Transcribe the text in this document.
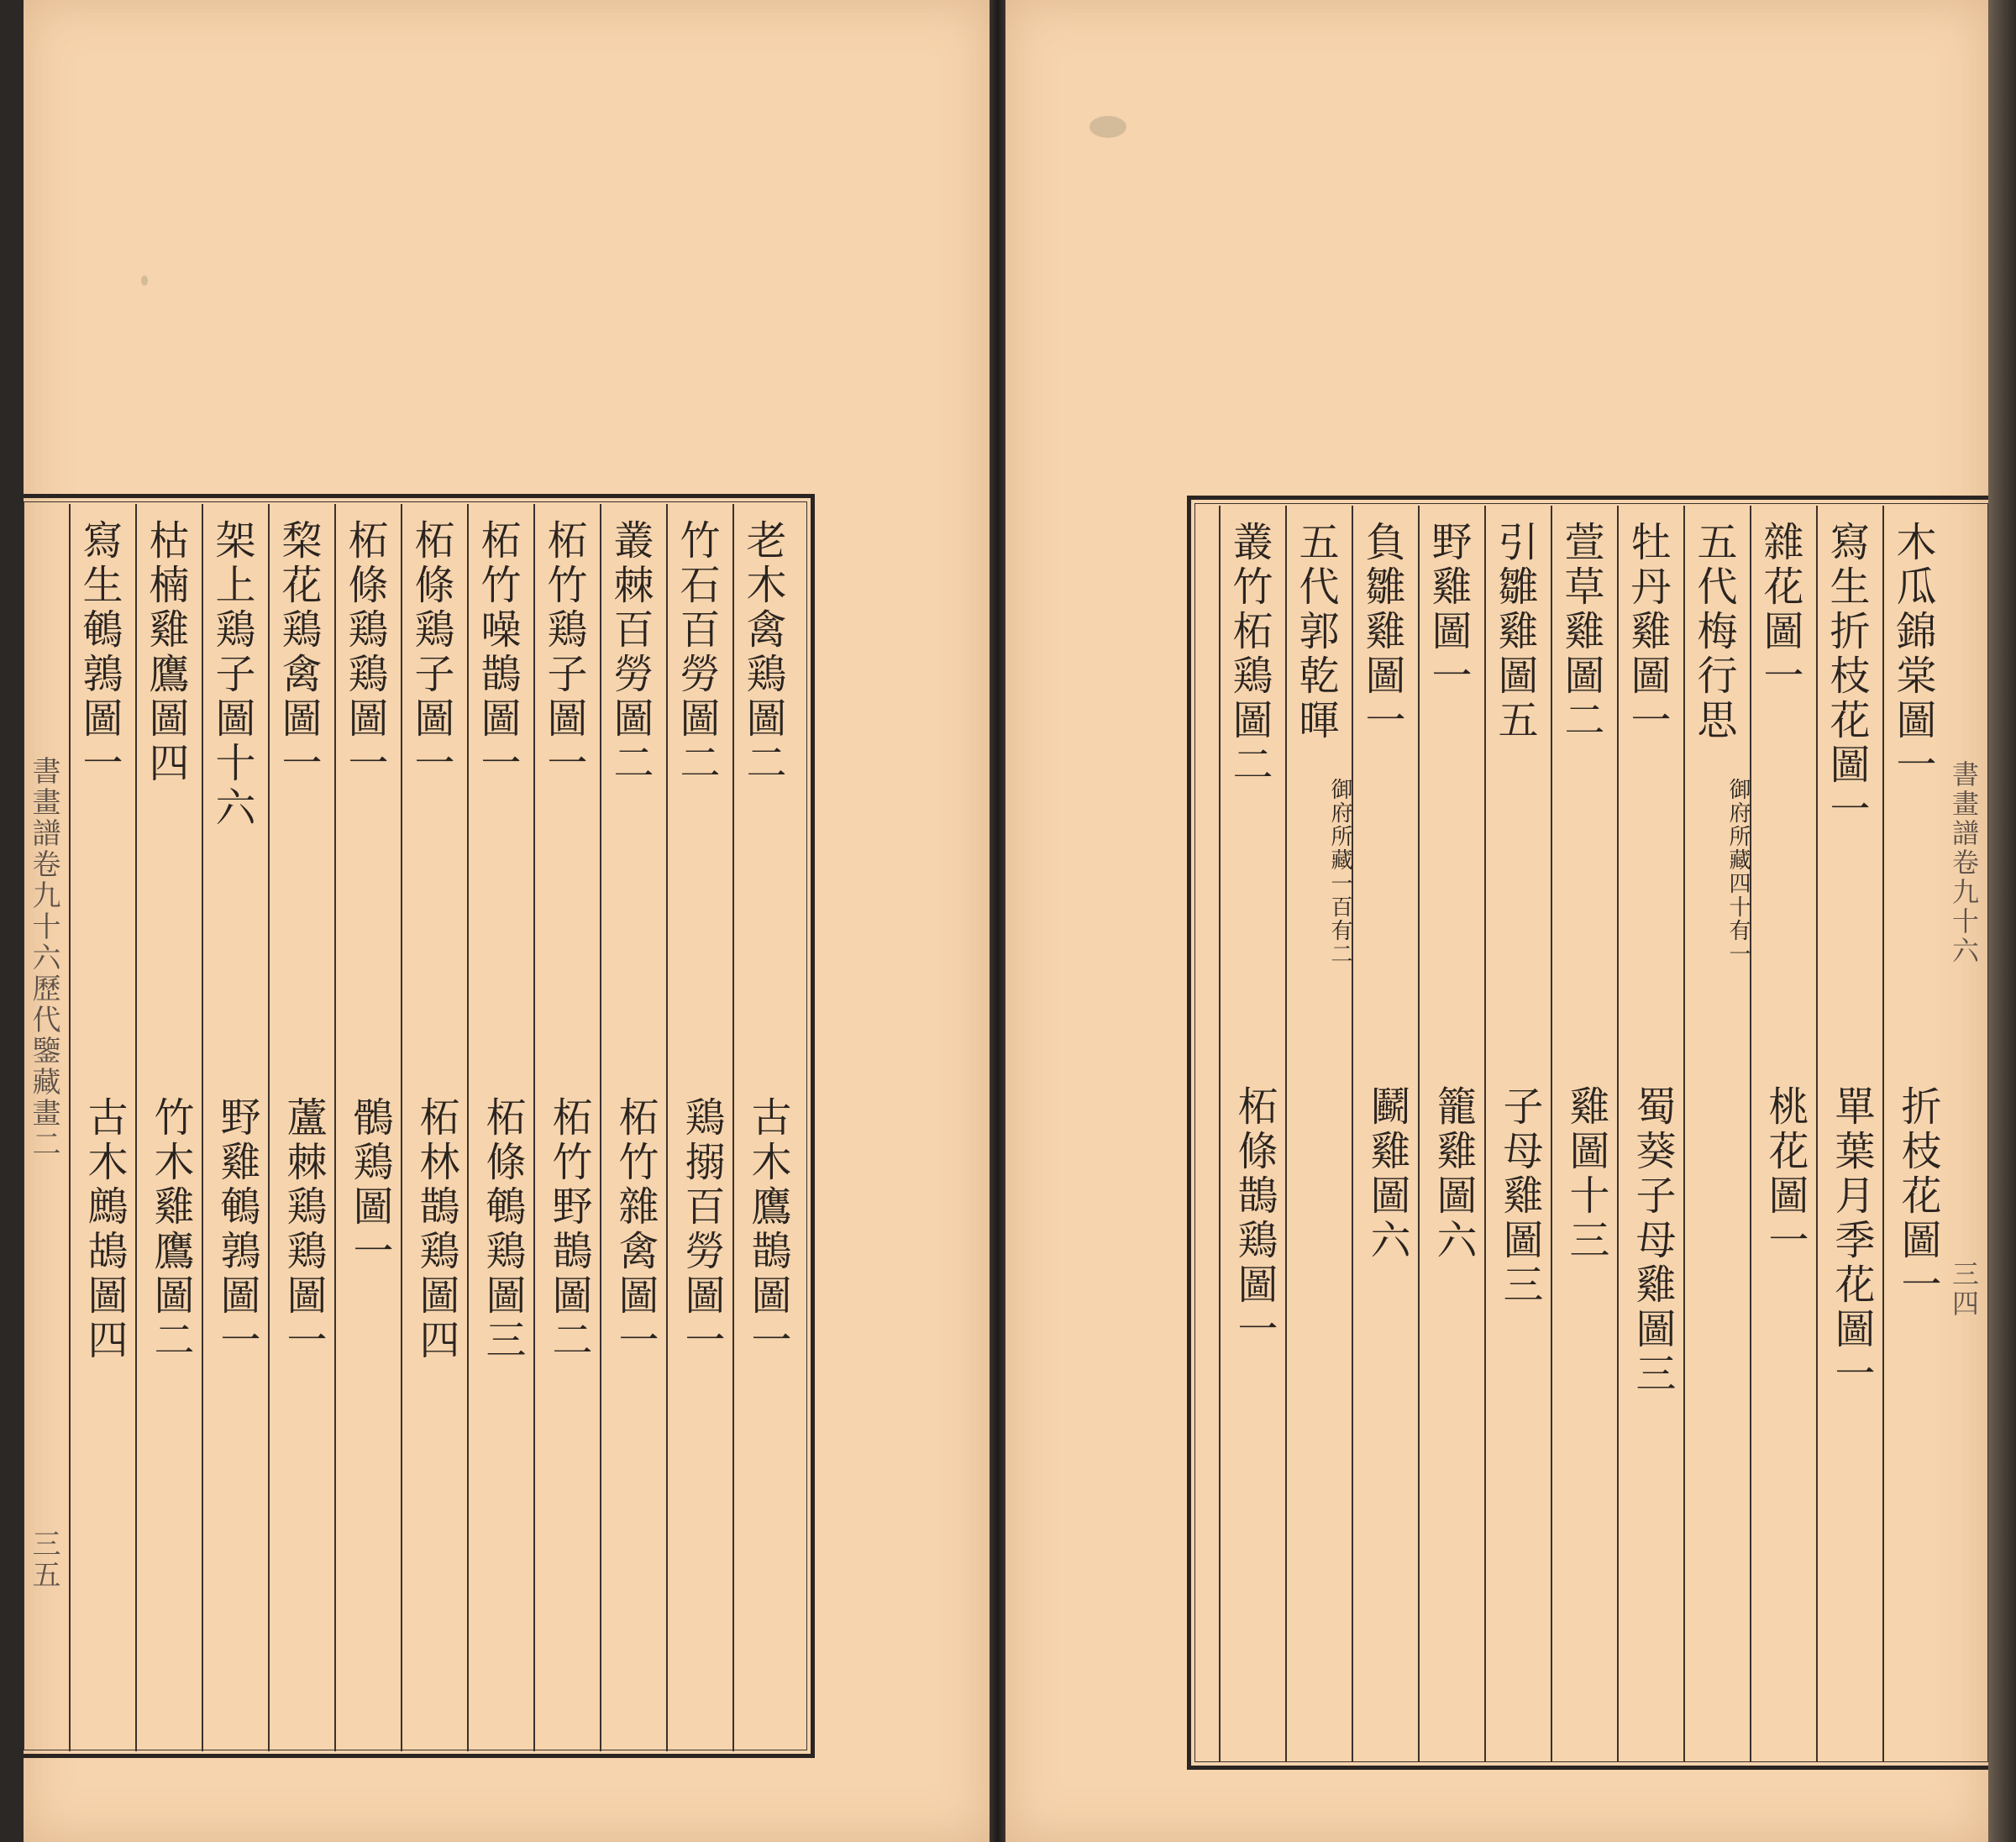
老木禽鶏圖二
古木鷹鵲圖一
竹石百勞圖二
鶏搦百勞圖一
叢棘百勞圖二
柘竹雜禽圖一
柘竹鶏子圖一
柘竹野鵲圖二
柘竹噪鵲圖一
柘條鵪鶏圖三
柘條鶏子圖一
柘林鵲鶏圖四
柘條鶏鶏圖一
鶻鶏圖一
棃花鶏禽圖一
蘆棘鶏鶏圖一
架上鶏子圖十六
野雞鵪鶉圖一
枯楠雞鷹圖四
竹木雞鷹圖二
寫生鵪鶉圖一
古木鷓鴣圖四
書畫譜卷九十六歷代鑒藏畫二
三五
木瓜錦棠圖一
折枝花圖一
寫生折枝花圖一
單葉月季花圖一
雜花圖一
桃花圖一
五代梅行思
御府所藏四十有一
牡丹雞圖一
蜀葵子母雞圖三
萱草雞圖二
雞圖十三
引雛雞圖五
子母雞圖三
野雞圖一
籠雞圖六
負雛雞圖一
鬬雞圖六
五代郭乾暉
御府所藏一百有二
叢竹柘鶏圖二
柘條鵲鶏圖一
書畫譜卷九十六
三四
